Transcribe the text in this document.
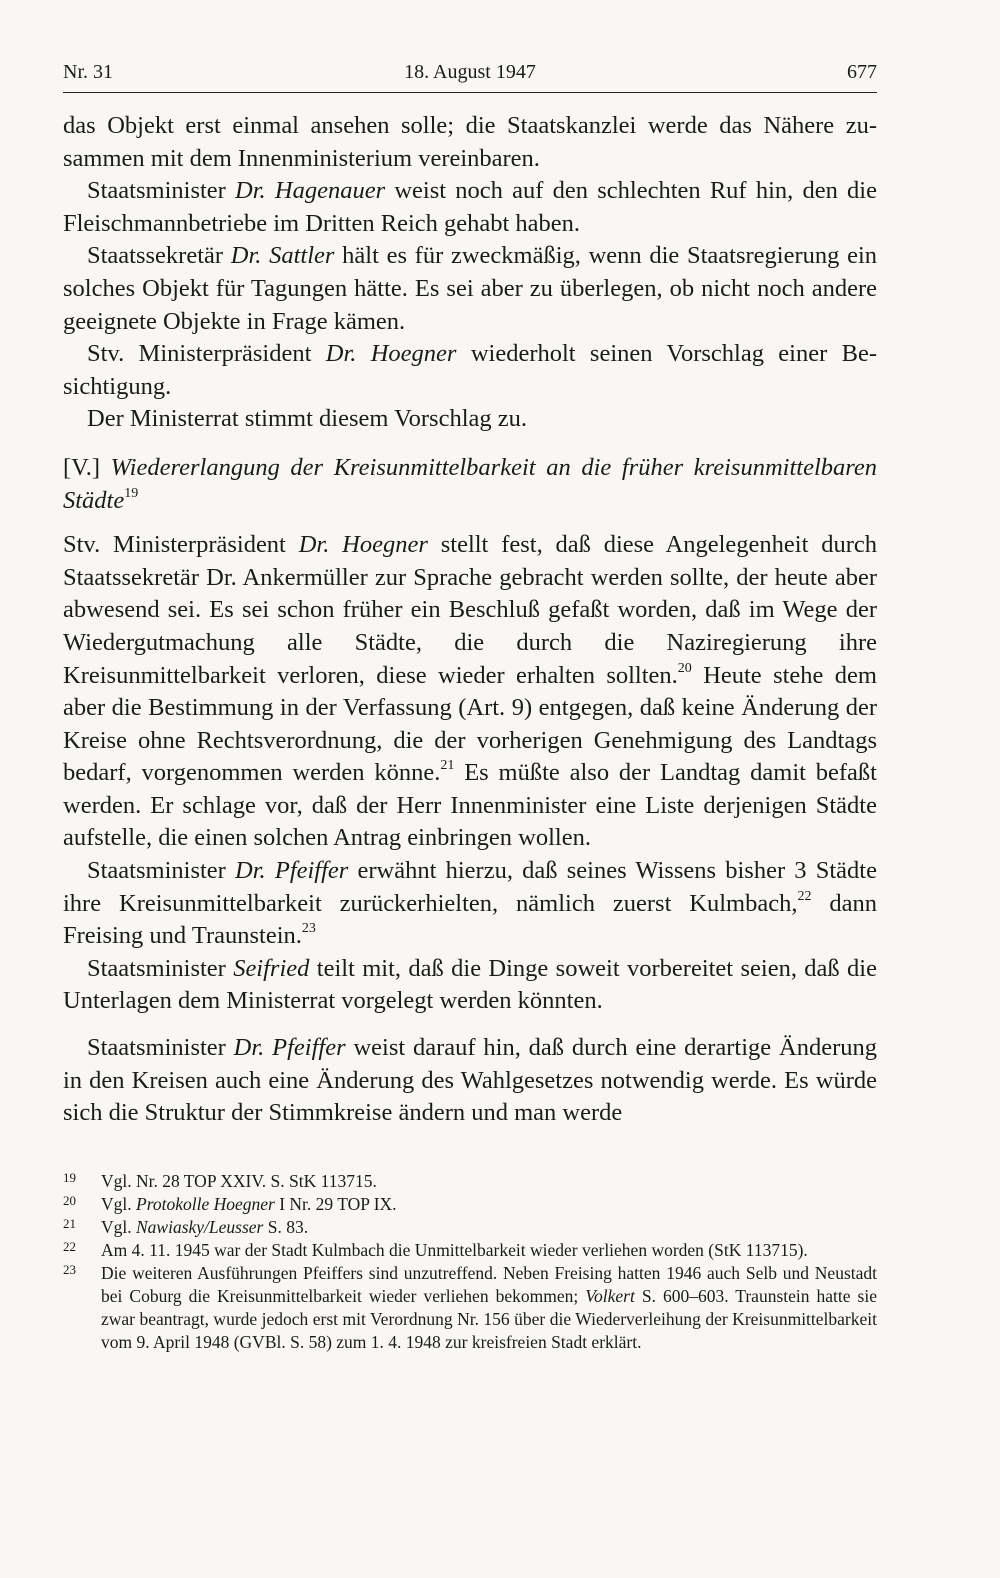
Nr. 31	18. August 1947	677

das Objekt erst einmal ansehen solle; die Staatskanzlei werde das Nähere zusammen mit dem Innenministerium vereinbaren.

Staatsminister Dr. Hagenauer weist noch auf den schlechten Ruf hin, den die Fleischmannbetriebe im Dritten Reich gehabt haben.

Staatssekretär Dr. Sattler hält es für zweckmäßig, wenn die Staatsregierung ein solches Objekt für Tagungen hätte. Es sei aber zu überlegen, ob nicht noch andere geeignete Objekte in Frage kämen.

Stv. Ministerpräsident Dr. Hoegner wiederholt seinen Vorschlag einer Besichtigung.

Der Ministerrat stimmt diesem Vorschlag zu.

[V.] Wiedererlangung der Kreisunmittelbarkeit an die früher kreisunmittelbaren Städte$^{19}$

Stv. Ministerpräsident Dr. Hoegner stellt fest, daß diese Angelegenheit durch Staatssekretär Dr. Ankermüller zur Sprache gebracht werden sollte, der heute aber abwesend sei. Es sei schon früher ein Beschluß gefaßt worden, daß im Wege der Wiedergutmachung alle Städte, die durch die Naziregierung ihre Kreisunmittelbarkeit verloren, diese wieder erhalten sollten.$^{20}$ Heute stehe dem aber die Bestimmung in der Verfassung (Art. 9) entgegen, daß keine Änderung der Kreise ohne Rechtsverordnung, die der vorherigen Genehmigung des Landtags bedarf, vorgenommen werden könne.$^{21}$ Es müßte also der Landtag damit befaßt werden. Er schlage vor, daß der Herr Innenminister eine Liste derjenigen Städte aufstelle, die einen solchen Antrag einbringen wollen.

Staatsminister Dr. Pfeiffer erwähnt hierzu, daß seines Wissens bisher 3 Städte ihre Kreisunmittelbarkeit zurückerhielten, nämlich zuerst Kulmbach,$^{22}$ dann Freising und Traunstein.$^{23}$

Staatsminister Seifried teilt mit, daß die Dinge soweit vorbereitet seien, daß die Unterlagen dem Ministerrat vorgelegt werden könnten.

Staatsminister Dr. Pfeiffer weist darauf hin, daß durch eine derartige Änderung in den Kreisen auch eine Änderung des Wahlgesetzes notwendig werde. Es würde sich die Struktur der Stimmkreise ändern und man werde

19 Vgl. Nr. 28 TOP XXIV. S. StK 113715.
20 Vgl. Protokolle Hoegner I Nr. 29 TOP IX.
21 Vgl. Nawiasky/Leusser S. 83.
22 Am 4. 11. 1945 war der Stadt Kulmbach die Unmittelbarkeit wieder verliehen worden (StK 113715).
23 Die weiteren Ausführungen Pfeiffers sind unzutreffend. Neben Freising hatten 1946 auch Selb und Neustadt bei Coburg die Kreisunmittelbarkeit wieder verliehen bekommen; Volkert S. 600–603. Traunstein hatte sie zwar beantragt, wurde jedoch erst mit Verordnung Nr. 156 über die Wiederverleihung der Kreisunmittelbarkeit vom 9. April 1948 (GVBl. S. 58) zum 1. 4. 1948 zur kreisfreien Stadt erklärt.
